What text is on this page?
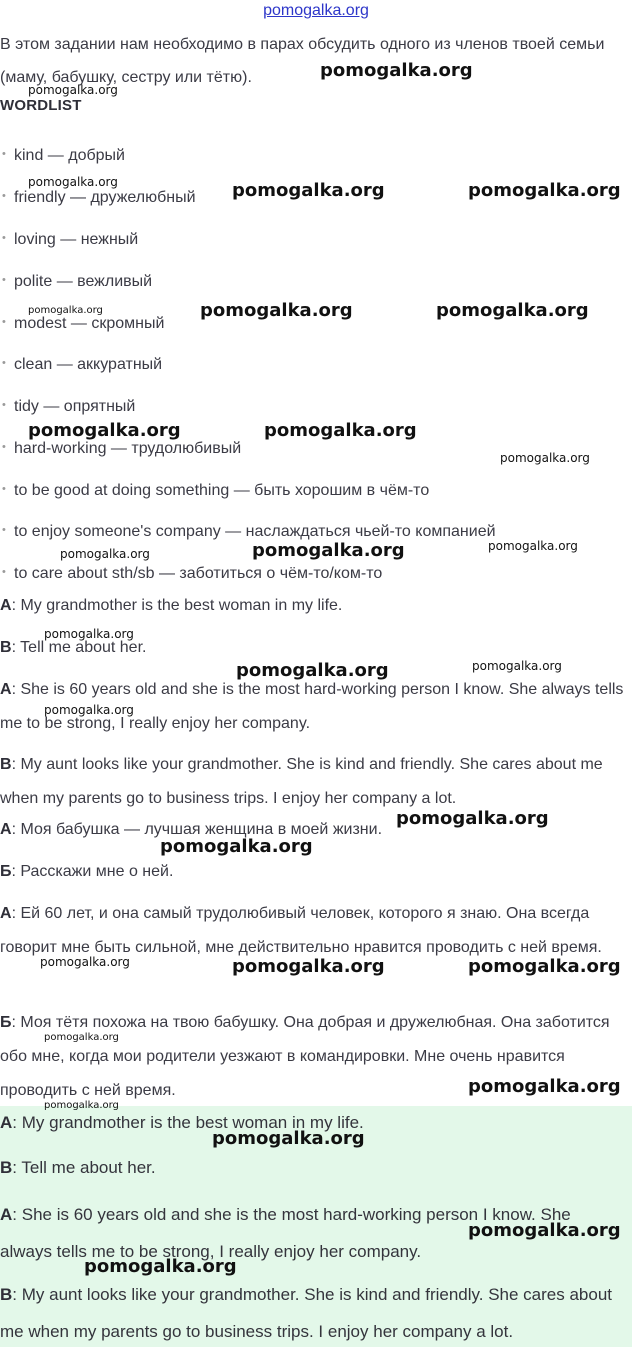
pomogalka.org
В этом задании нам необходимо в парах обсудить одного из членов твоей семьи (маму, бабушку, сестру или тётю).
WORDLIST
• kind — добрый
• friendly — дружелюбный
• loving — нежный
• polite — вежливый
• modest — скромный
• clean — аккуратный
• tidy — опрятный
• hard-working — трудолюбивый
• to be good at doing something — быть хорошим в чём-то
• to enjoy someone's company — наслаждаться чьей-то компанией
• to care about sth/sb — заботиться о чём-то/ком-то
A: My grandmother is the best woman in my life.
B: Tell me about her.
A: She is 60 years old and she is the most hard-working person I know. She always tells me to be strong, I really enjoy her company.
B: My aunt looks like your grandmother. She is kind and friendly. She cares about me when my parents go to business trips. I enjoy her company a lot.
А: Моя бабушка — лучшая женщина в моей жизни.
Б: Расскажи мне о ней.
А: Ей 60 лет, и она самый трудолюбивый человек, которого я знаю. Она всегда говорит мне быть сильной, мне действительно нравится проводить с ней время.
Б: Моя тётя похожа на твою бабушку. Она добрая и дружелюбная. Она заботится обо мне, когда мои родители уезжают в командировки. Мне очень нравится проводить с ней время.
A: My grandmother is the best woman in my life.
B: Tell me about her.
A: She is 60 years old and she is the most hard-working person I know. She always tells me to be strong, I really enjoy her company.
B: My aunt looks like your grandmother. She is kind and friendly. She cares about me when my parents go to business trips. I enjoy her company a lot.
pomogalka.org
pomogalka.org
pomogalka.org	pomogalka.org	pomogalka.org
pomogalka.org	pomogalka.org	pomogalka.org
pomogalka.org	pomogalka.org
pomogalka.org
pomogalka.org
pomogalka.org
pomogalka.org
pomogalka.org
pomogalka.org	pomogalka.org
pomogalka.org
pomogalka.org
pomogalka.org
pomogalka.org	pomogalka.org	pomogalka.org
pomogalka.org
pomogalka.org
pomogalka.org
pomogalka.org
pomogalka.org
pomogalka.org
